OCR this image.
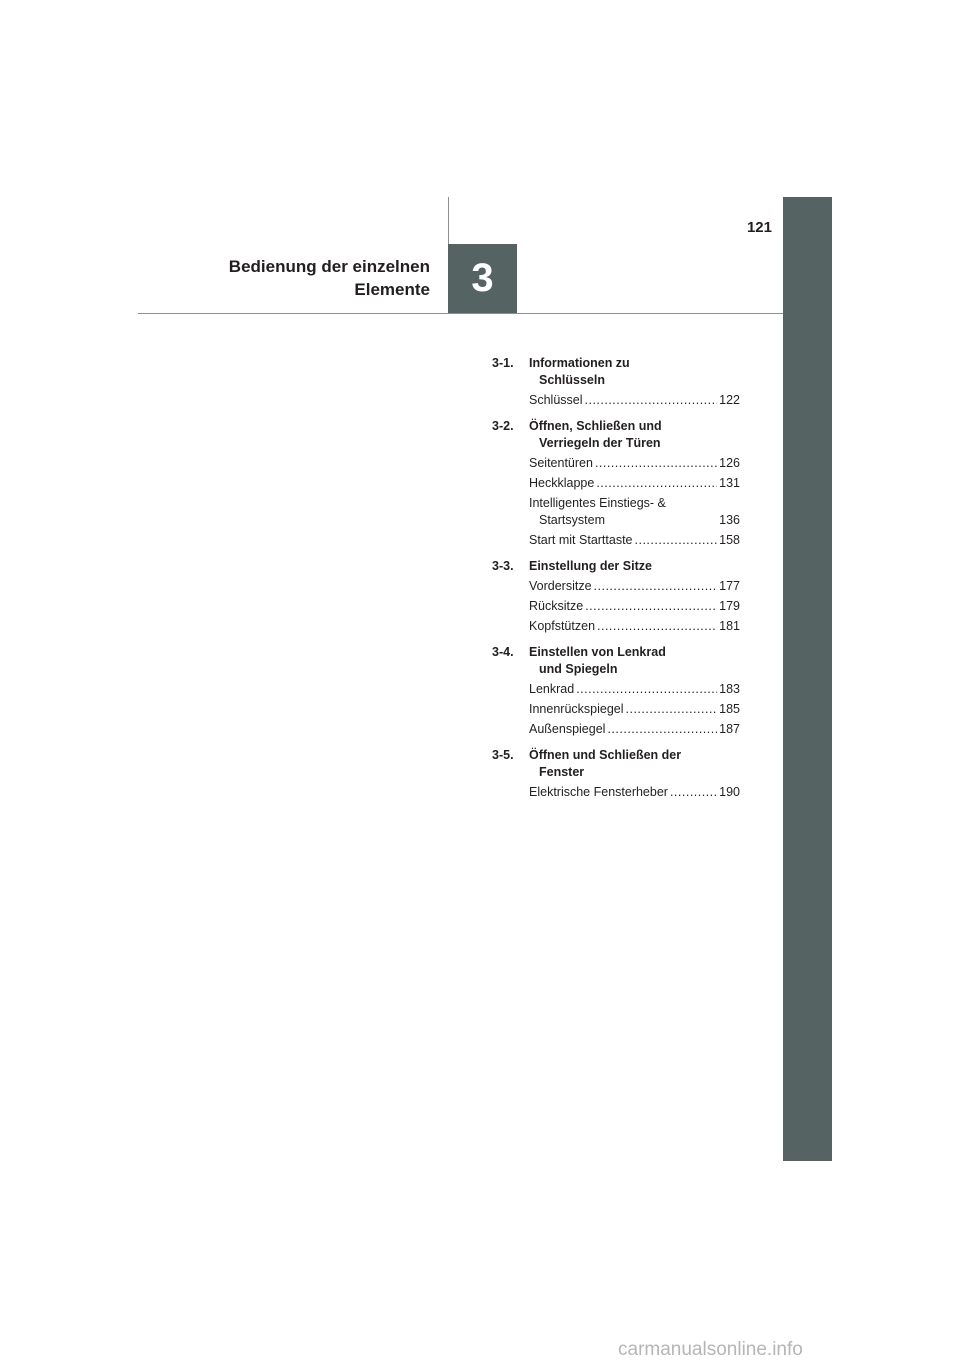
121
Bedienung der einzelnen
Elemente	3
3-1. Informationen zu
Schlüsseln
Schlüssel .....	122
3-2. Öffnen, Schließen und
Verriegeln der Türen
Seitentüren .....	126
Heckklappe .....	131
Intelligentes Einstiegs- &
Startsystem	136
Start mit Starttaste .....	158
3-3. Einstellung der Sitze
Vordersitze .....	177
Rücksitze .....	179
Kopfstützen .....	181
3-4. Einstellen von Lenkrad
und Spiegeln
Lenkrad .....	183
Innenrückspiegel .....	185
Außenspiegel .....	187
3-5. Öffnen und Schließen der
Fenster
Elektrische Fensterheber .....	190
carmanualsonline.info
